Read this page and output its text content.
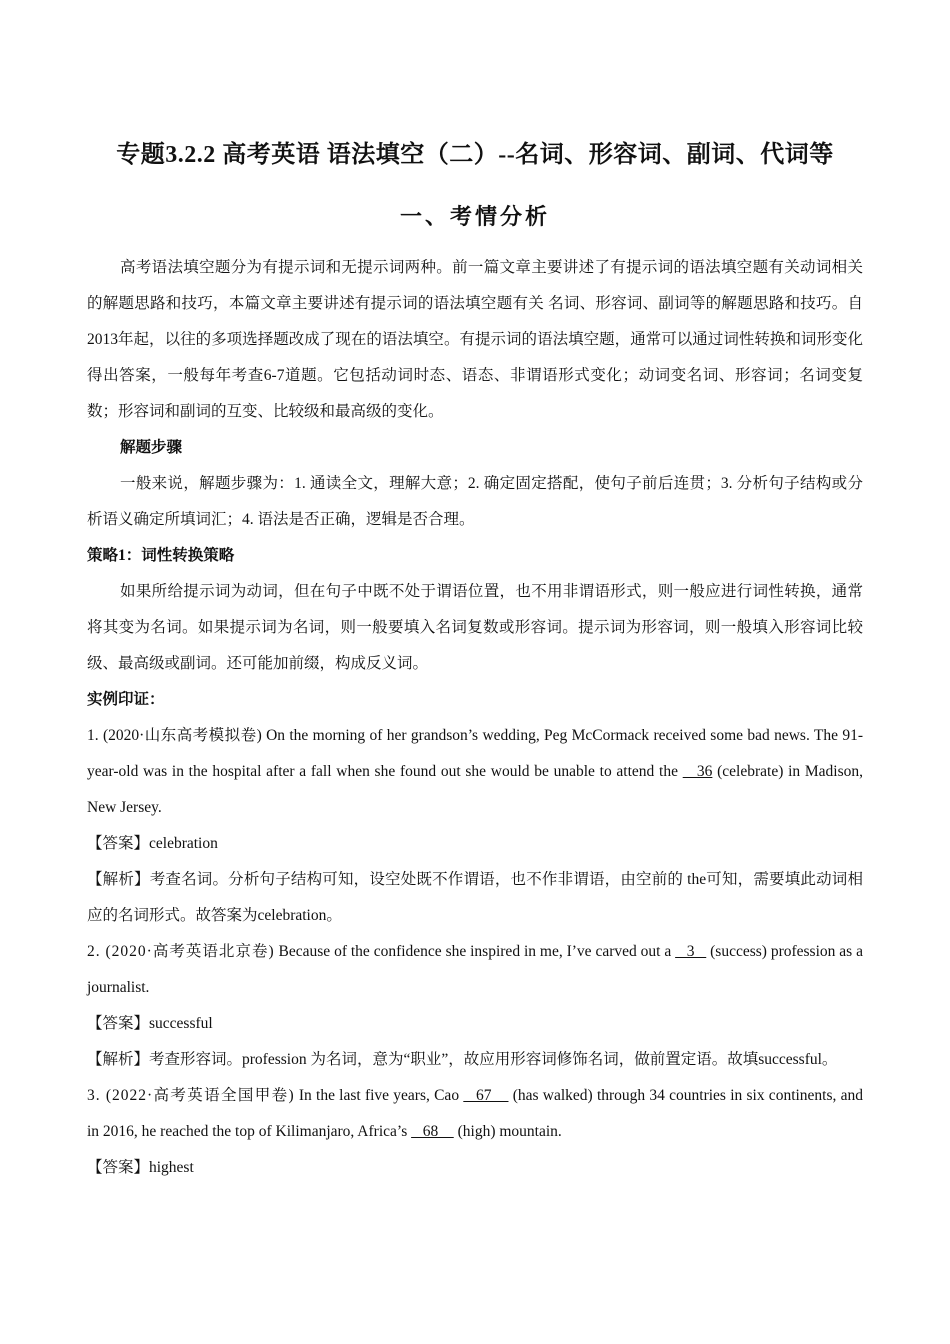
专题3.2.2 高考英语 语法填空（二）--名词、形容词、副词、代词等
一、考情分析

高考语法填空题分为有提示词和无提示词两种。前一篇文章主要讲述了有提示词的语法填空题有关动词相关的解题思路和技巧，本篇文章主要讲述有提示词的语法填空题有关 名词、形容词、副词等的解题思路和技巧。自2013年起，以往的多项选择题改成了现在的语法填空。有提示词的语法填空题，通常可以通过词性转换和词形变化得出答案，一般每年考查6-7道题。它包括动词时态、语态、非谓语形式变化；动词变名词、形容词；名词变复数；形容词和副词的互变、比较级和最高级的变化。

解题步骤

一般来说，解题步骤为：1. 通读全文，理解大意；2. 确定固定搭配，使句子前后连贯；3. 分析句子结构或分析语义确定所填词汇；4. 语法是否正确，逻辑是否合理。

策略1：词性转换策略

如果所给提示词为动词，但在句子中既不处于谓语位置，也不用非谓语形式，则一般应进行词性转换，通常将其变为名词。如果提示词为名词，则一般要填入名词复数或形容词。提示词为形容词，则一般填入形容词比较级、最高级或副词。还可能加前缀，构成反义词。

实例印证：

1. (2020·山东高考模拟卷) On the morning of her grandson’s wedding, Peg McCormack received some bad news. The 91-year-old was in the hospital after a fall when she found out she would be unable to attend the    36 (celebrate) in Madison, New Jersey.

【答案】celebration

【解析】考查名词。分析句子结构可知，设空处既不作谓语，也不作非谓语，由空前的 the可知，需要填此动词相应的名词形式。故答案为celebration。

2. (2020·高考英语北京卷) Because of the confidence she inspired in me, I’ve carved out a    3    (success) profession as a journalist.

【答案】successful

【解析】考查形容词。profession 为名词，意为“职业”，故应用形容词修饰名词，做前置定语。故填successful。

3. (2022·高考英语全国甲卷) In the last five years, Cao    67     (has walked) through 34 countries in six continents, and in 2016, he reached the top of Kilimanjaro, Africa’s    68     (high) mountain.

【答案】highest
